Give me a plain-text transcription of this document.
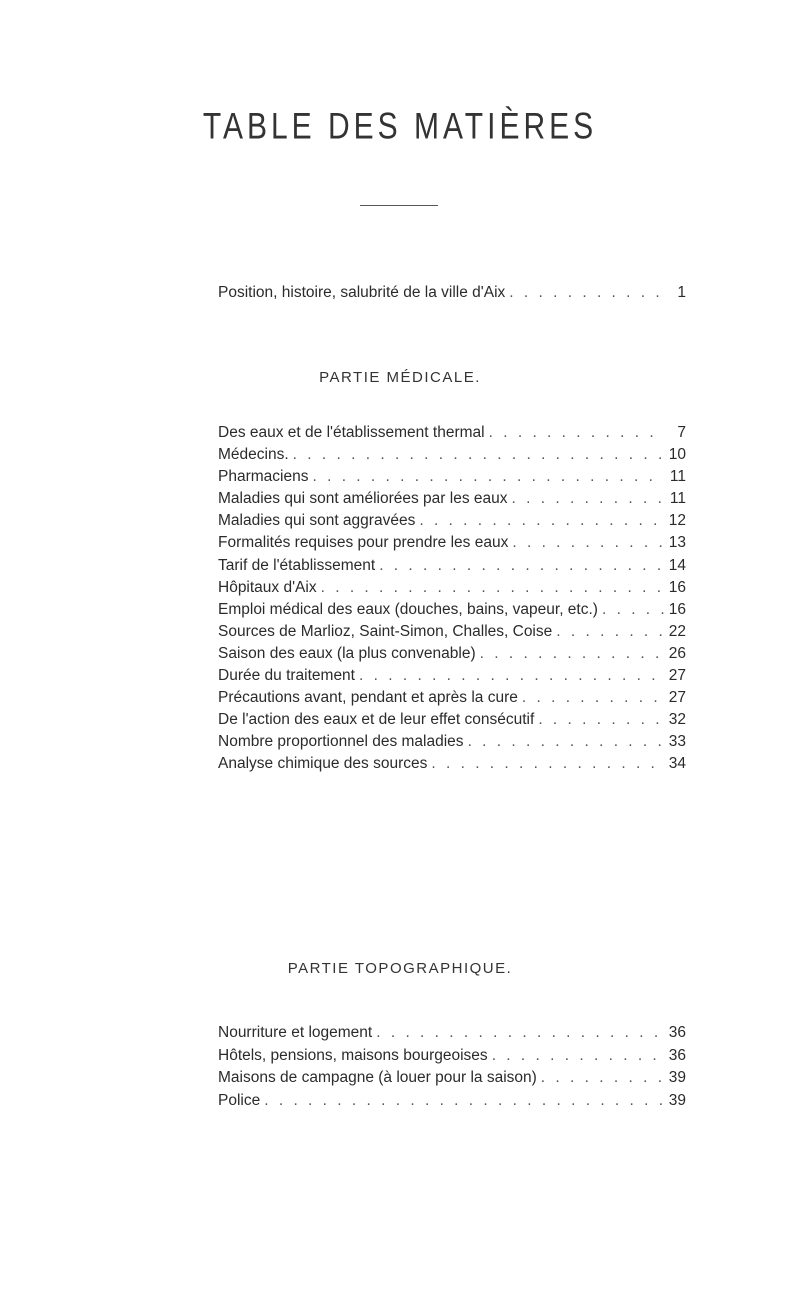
TABLE DES MATIÈRES
Position, histoire, salubrité de la ville d'Aix . . .	1
PARTIE MÉDICALE.
Des eaux et de l'établissement thermal . . .	7
Médecins. . . .	10
Pharmaciens . . .	11
Maladies qui sont améliorées par les eaux . . .	11
Maladies qui sont aggravées . . .	12
Formalités requises pour prendre les eaux . . .	13
Tarif de l'établissement . . .	14
Hôpitaux d'Aix . . .	16
Emploi médical des eaux (douches, bains, vapeur, etc.) . . .	16
Sources de Marlioz, Saint-Simon, Challes, Coise . . .	22
Saison des eaux (la plus convenable) . . .	26
Durée du traitement . . .	27
Précautions avant, pendant et après la cure . . .	27
De l'action des eaux et de leur effet consécutif . . .	32
Nombre proportionnel des maladies . . .	33
Analyse chimique des sources . . .	34
PARTIE TOPOGRAPHIQUE.
Nourriture et logement . . .	36
Hôtels, pensions, maisons bourgeoises . . .	36
Maisons de campagne (à louer pour la saison) . . .	39
Police . . .	39
